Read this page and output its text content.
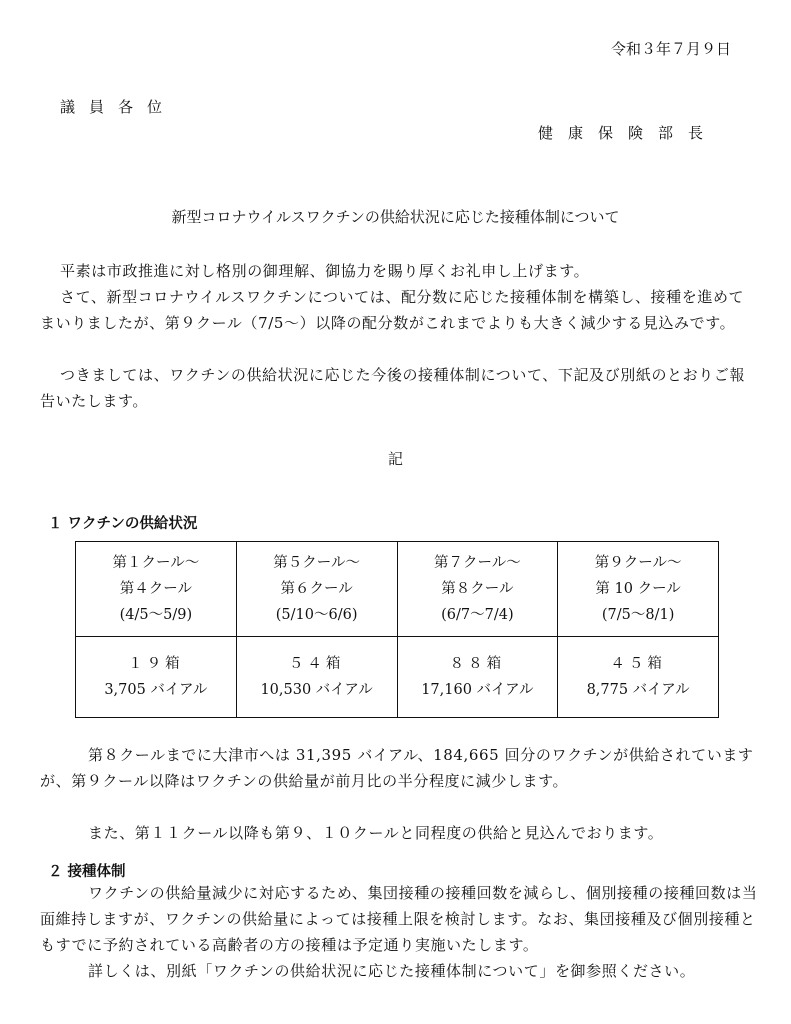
令和３年７月９日
議員各位
健康保険部長
新型コロナウイルスワクチンの供給状況に応じた接種体制について
平素は市政推進に対し格別の御理解、御協力を賜り厚くお礼申し上げます。
さて、新型コロナウイルスワクチンについては、配分数に応じた接種体制を構築し、接種を進めてまいりましたが、第９クール（7/5～）以降の配分数がこれまでよりも大きく減少する見込みです。
つきましては、ワクチンの供給状況に応じた今後の接種体制について、下記及び別紙のとおりご報告いたします。
記
１ ワクチンの供給状況
第１クール～
第４クール
(4/5～5/9)	第５クール～
第６クール
(5/10～6/6)	第７クール～
第８クール
(6/7～7/4)	第９クール～
第 10 クール
(7/5～8/1)

１９箱
3,705 バイアル	５４箱
10,530 バイアル	８８箱
17,160 バイアル	４５箱
8,775 バイアル
第８クールまでに大津市へは 31,395 バイアル、184,665 回分のワクチンが供給されていますが、第９クール以降はワクチンの供給量が前月比の半分程度に減少します。
また、第１１クール以降も第９、１０クールと同程度の供給と見込んでおります。
２ 接種体制
ワクチンの供給量減少に対応するため、集団接種の接種回数を減らし、個別接種の接種回数は当面維持しますが、ワクチンの供給量によっては接種上限を検討します。なお、集団接種及び個別接種ともすでに予約されている高齢者の方の接種は予定通り実施いたします。
詳しくは、別紙「ワクチンの供給状況に応じた接種体制について」を御参照ください。
